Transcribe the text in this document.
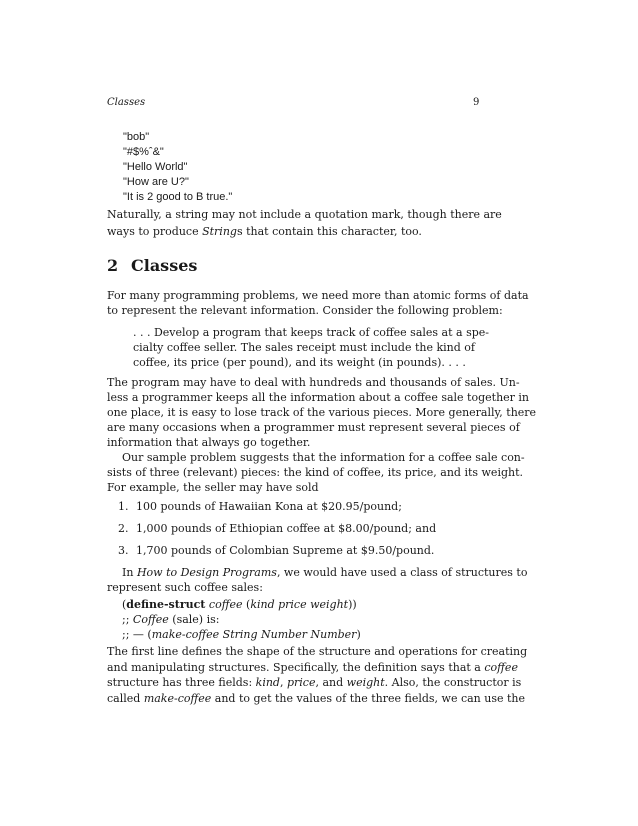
Classes	9
"bob"
"#$%ˆ&"
"Hello World"
"How are U?"
"It is 2 good to B true."
Naturally, a string may not include a quotation mark, though there are
ways to produce Strings that contain this character, too.
2 Classes
For many programming problems, we need more than atomic forms of data
to represent the relevant information. Consider the following problem:
. . . Develop a program that keeps track of coffee sales at a spe-
cialty coffee seller. The sales receipt must include the kind of
coffee, its price (per pound), and its weight (in pounds). . . .
The program may have to deal with hundreds and thousands of sales. Un-
less a programmer keeps all the information about a coffee sale together in
one place, it is easy to lose track of the various pieces. More generally, there
are many occasions when a programmer must represent several pieces of
information that always go together.
Our sample problem suggests that the information for a coffee sale con-
sists of three (relevant) pieces: the kind of coffee, its price, and its weight.
For example, the seller may have sold
1. 100 pounds of Hawaiian Kona at $20.95/pound;
2. 1,000 pounds of Ethiopian coffee at $8.00/pound; and
3. 1,700 pounds of Colombian Supreme at $9.50/pound.
In How to Design Programs, we would have used a class of structures to
represent such coffee sales:
(define-struct coffee (kind price weight))
;; Coffee (sale) is:
;; — (make-coffee String Number Number)
The first line defines the shape of the structure and operations for creating
and manipulating structures. Specifically, the definition says that a coffee
structure has three fields: kind, price, and weight. Also, the constructor is
called make-coffee and to get the values of the three fields, we can use the
